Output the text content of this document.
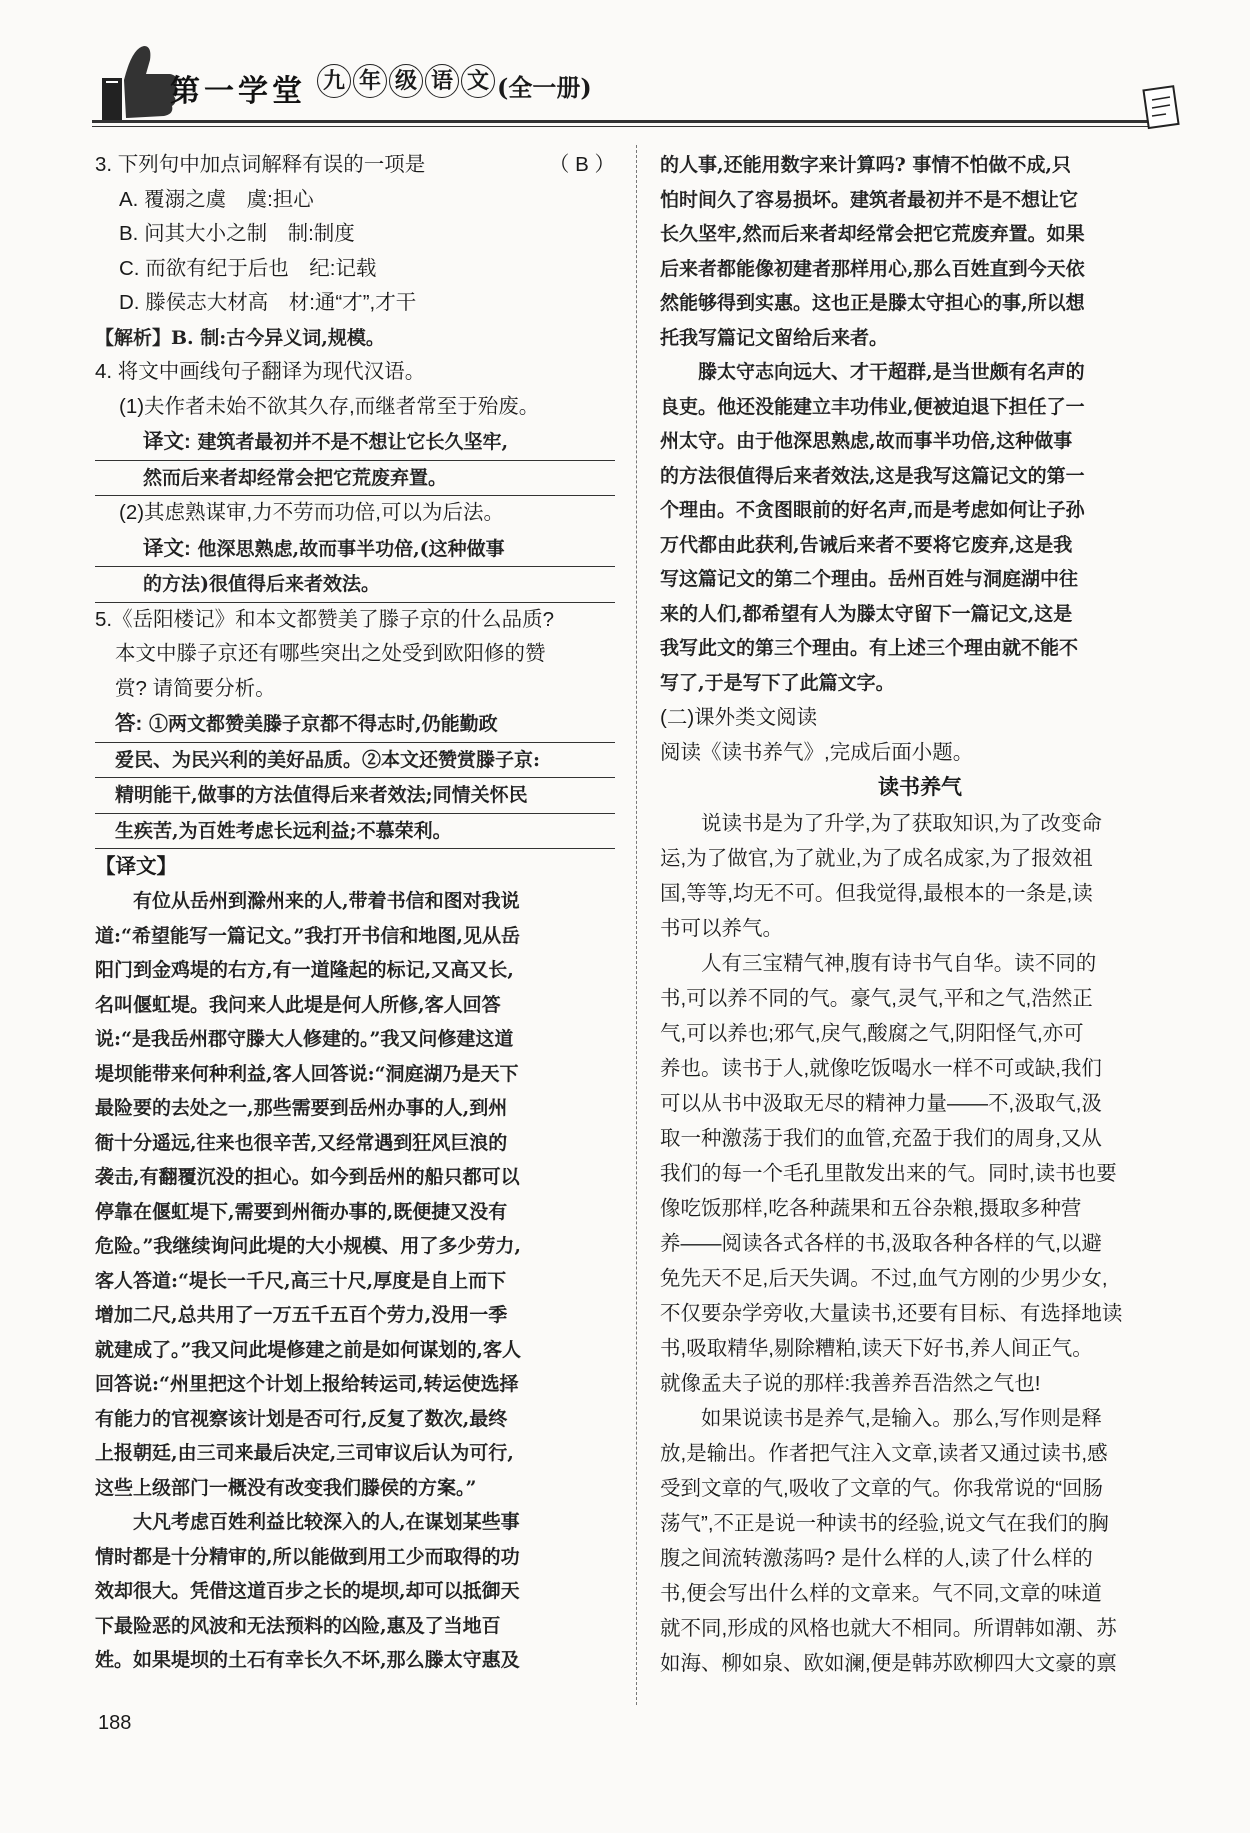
第一学堂 九 年 级 语 文 (全一册)
3. 下列句中加点词解释有误的一项是	（ B ）
A. 覆溺之虞　虞:担心
B. 问其大小之制　制:制度
C. 而欲有纪于后也　纪:记载
D. 滕侯志大材高　材:通“才”,才干
【解析】B. 制:古今异义词,规模。
4. 将文中画线句子翻译为现代汉语。
(1)夫作者未始不欲其久存,而继者常至于殆废。
译文: 建筑者最初并不是不想让它长久坚牢,
然而后来者却经常会把它荒废弃置。
(2)其虑熟谋审,力不劳而功倍,可以为后法。
译文: 他深思熟虑,故而事半功倍,(这种做事
的方法)很值得后来者效法。
5.《岳阳楼记》和本文都赞美了滕子京的什么品质?
本文中滕子京还有哪些突出之处受到欧阳修的赞
赏? 请简要分析。
答: ①两文都赞美滕子京都不得志时,仍能勤政
爱民、为民兴利的美好品质。②本文还赞赏滕子京:
精明能干,做事的方法值得后来者效法;同情关怀民
生疾苦,为百姓考虑长远利益;不慕荣利。
【译文】
有位从岳州到滁州来的人,带着书信和图对我说
道:“希望能写一篇记文。”我打开书信和地图,见从岳
阳门到金鸡堤的右方,有一道隆起的标记,又高又长,
名叫偃虹堤。我问来人此堤是何人所修,客人回答
说:“是我岳州郡守滕大人修建的。”我又问修建这道
堤坝能带来何种利益,客人回答说:“洞庭湖乃是天下
最险要的去处之一,那些需要到岳州办事的人,到州
衙十分遥远,往来也很辛苦,又经常遇到狂风巨浪的
袭击,有翻覆沉没的担心。如今到岳州的船只都可以
停靠在偃虹堤下,需要到州衙办事的,既便捷又没有
危险。”我继续询问此堤的大小规模、用了多少劳力,
客人答道:“堤长一千尺,高三十尺,厚度是自上而下
增加二尺,总共用了一万五千五百个劳力,没用一季
就建成了。”我又问此堤修建之前是如何谋划的,客人
回答说:“州里把这个计划上报给转运司,转运使选择
有能力的官视察该计划是否可行,反复了数次,最终
上报朝廷,由三司来最后决定,三司审议后认为可行,
这些上级部门一概没有改变我们滕侯的方案。”
大凡考虑百姓利益比较深入的人,在谋划某些事
情时都是十分精审的,所以能做到用工少而取得的功
效却很大。凭借这道百步之长的堤坝,却可以抵御天
下最险恶的风波和无法预料的凶险,惠及了当地百
姓。如果堤坝的土石有幸长久不坏,那么滕太守惠及
的人事,还能用数字来计算吗? 事情不怕做不成,只
怕时间久了容易损坏。建筑者最初并不是不想让它
长久坚牢,然而后来者却经常会把它荒废弃置。如果
后来者都能像初建者那样用心,那么百姓直到今天依
然能够得到实惠。这也正是滕太守担心的事,所以想
托我写篇记文留给后来者。
滕太守志向远大、才干超群,是当世颇有名声的
良吏。他还没能建立丰功伟业,便被迫退下担任了一
州太守。由于他深思熟虑,故而事半功倍,这种做事
的方法很值得后来者效法,这是我写这篇记文的第一
个理由。不贪图眼前的好名声,而是考虑如何让子孙
万代都由此获利,告诫后来者不要将它废弃,这是我
写这篇记文的第二个理由。岳州百姓与洞庭湖中往
来的人们,都希望有人为滕太守留下一篇记文,这是
我写此文的第三个理由。有上述三个理由就不能不
写了,于是写下了此篇文字。
(二)课外类文阅读
阅读《读书养气》,完成后面小题。
读书养气
说读书是为了升学,为了获取知识,为了改变命
运,为了做官,为了就业,为了成名成家,为了报效祖
国,等等,均无不可。但我觉得,最根本的一条是,读
书可以养气。
人有三宝精气神,腹有诗书气自华。读不同的
书,可以养不同的气。豪气,灵气,平和之气,浩然正
气,可以养也;邪气,戾气,酸腐之气,阴阳怪气,亦可
养也。读书于人,就像吃饭喝水一样不可或缺,我们
可以从书中汲取无尽的精神力量——不,汲取气,汲
取一种激荡于我们的血管,充盈于我们的周身,又从
我们的每一个毛孔里散发出来的气。同时,读书也要
像吃饭那样,吃各种蔬果和五谷杂粮,摄取多种营
养——阅读各式各样的书,汲取各种各样的气,以避
免先天不足,后天失调。不过,血气方刚的少男少女,
不仅要杂学旁收,大量读书,还要有目标、有选择地读
书,吸取精华,剔除糟粕,读天下好书,养人间正气。
就像孟夫子说的那样:我善养吾浩然之气也!
如果说读书是养气,是输入。那么,写作则是释
放,是输出。作者把气注入文章,读者又通过读书,感
受到文章的气,吸收了文章的气。你我常说的“回肠
荡气”,不正是说一种读书的经验,说文气在我们的胸
腹之间流转激荡吗? 是什么样的人,读了什么样的
书,便会写出什么样的文章来。气不同,文章的味道
就不同,形成的风格也就大不相同。所谓韩如潮、苏
如海、柳如泉、欧如澜,便是韩苏欧柳四大文豪的禀
188
